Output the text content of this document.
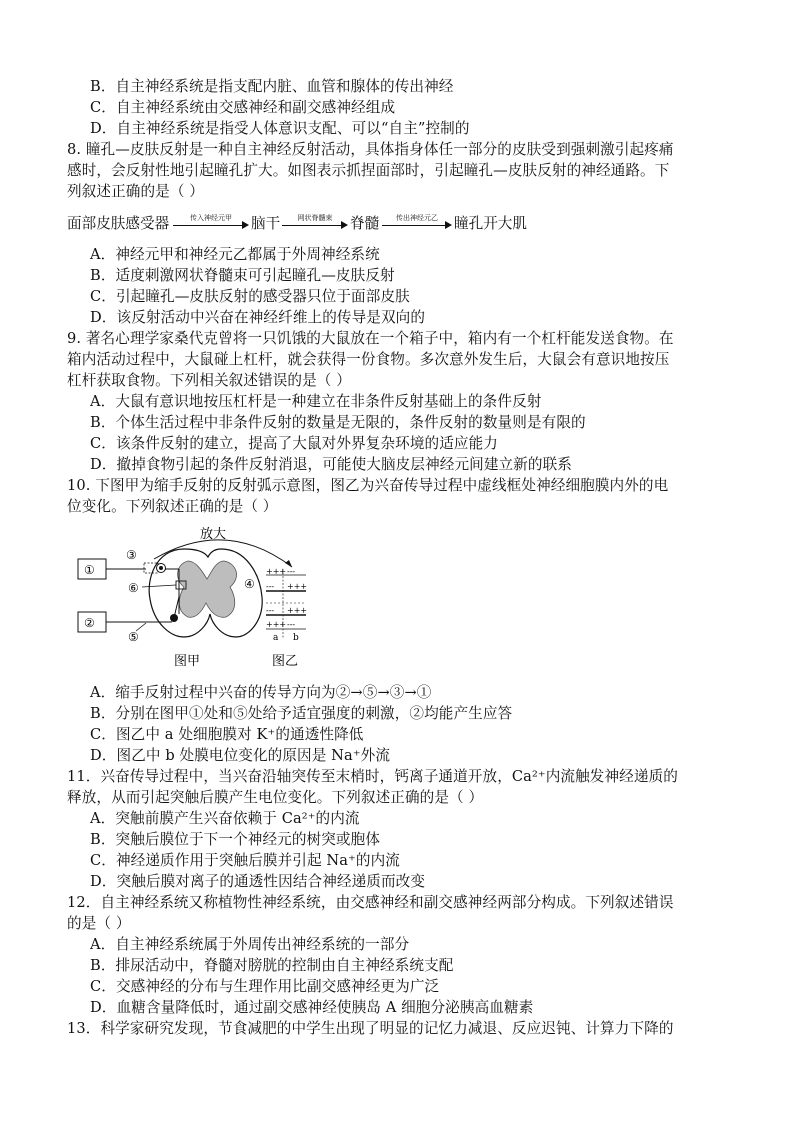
B．自主神经系统是指支配内脏、血管和腺体的传出神经
C．自主神经系统由交感神经和副交感神经组成
D．自主神经系统是指受人体意识支配、可以“自主”控制的
8. 瞳孔—皮肤反射是一种自主神经反射活动，具体指身体任一部分的皮肤受到强刺激引起疼痛
感时，会反射性地引起瞳孔扩大。如图表示抓捏面部时，引起瞳孔—皮肤反射的神经通路。下
列叙述正确的是（ ）
面部皮肤感受器	传入神经元甲	脑干	网状脊髓束	脊髓	传出神经元乙	瞳孔开大肌
A．神经元甲和神经元乙都属于外周神经系统
B．适度刺激网状脊髓束可引起瞳孔—皮肤反射
C．引起瞳孔—皮肤反射的感受器只位于面部皮肤
D．该反射活动中兴奋在神经纤维上的传导是双向的
9. 著名心理学家桑代克曾将一只饥饿的大鼠放在一个箱子中，箱内有一个杠杆能发送食物。在
箱内活动过程中，大鼠碰上杠杆，就会获得一份食物。多次意外发生后，大鼠会有意识地按压
杠杆获取食物。下列相关叙述错误的是（ ）
A．大鼠有意识地按压杠杆是一种建立在非条件反射基础上的条件反射
B．个体生活过程中非条件反射的数量是无限的，条件反射的数量则是有限的
C．该条件反射的建立，提高了大鼠对外界复杂环境的适应能力
D．撤掉食物引起的条件反射消退，可能使大脑皮层神经元间建立新的联系
10. 下图甲为缩手反射的反射弧示意图，图乙为兴奋传导过程中虚线框处神经细胞膜内外的电
位变化。下列叙述正确的是（ ）
放大
①
②
③
⑥
⑤
④
+++ ---
--- +++
--- +++
+++ ---
a b
图甲	图乙
A．缩手反射过程中兴奋的传导方向为②→⑤→③→①
B．分别在图甲①处和⑤处给予适宜强度的刺激，②均能产生应答
C．图乙中 a 处细胞膜对 K⁺的通透性降低
D．图乙中 b 处膜电位变化的原因是 Na⁺外流
11．兴奋传导过程中，当兴奋沿轴突传至末梢时，钙离子通道开放，Ca²⁺内流触发神经递质的
释放，从而引起突触后膜产生电位变化。下列叙述正确的是（ ）
A．突触前膜产生兴奋依赖于 Ca²⁺的内流
B．突触后膜位于下一个神经元的树突或胞体
C．神经递质作用于突触后膜并引起 Na⁺的内流
D．突触后膜对离子的通透性因结合神经递质而改变
12．自主神经系统又称植物性神经系统，由交感神经和副交感神经两部分构成。下列叙述错误
的是（ ）
A．自主神经系统属于外周传出神经系统的一部分
B．排尿活动中，脊髓对膀胱的控制由自主神经系统支配
C．交感神经的分布与生理作用比副交感神经更为广泛
D．血糖含量降低时，通过副交感神经使胰岛 A 细胞分泌胰高血糖素
13．科学家研究发现，节食减肥的中学生出现了明显的记忆力减退、反应迟钝、计算力下降的
